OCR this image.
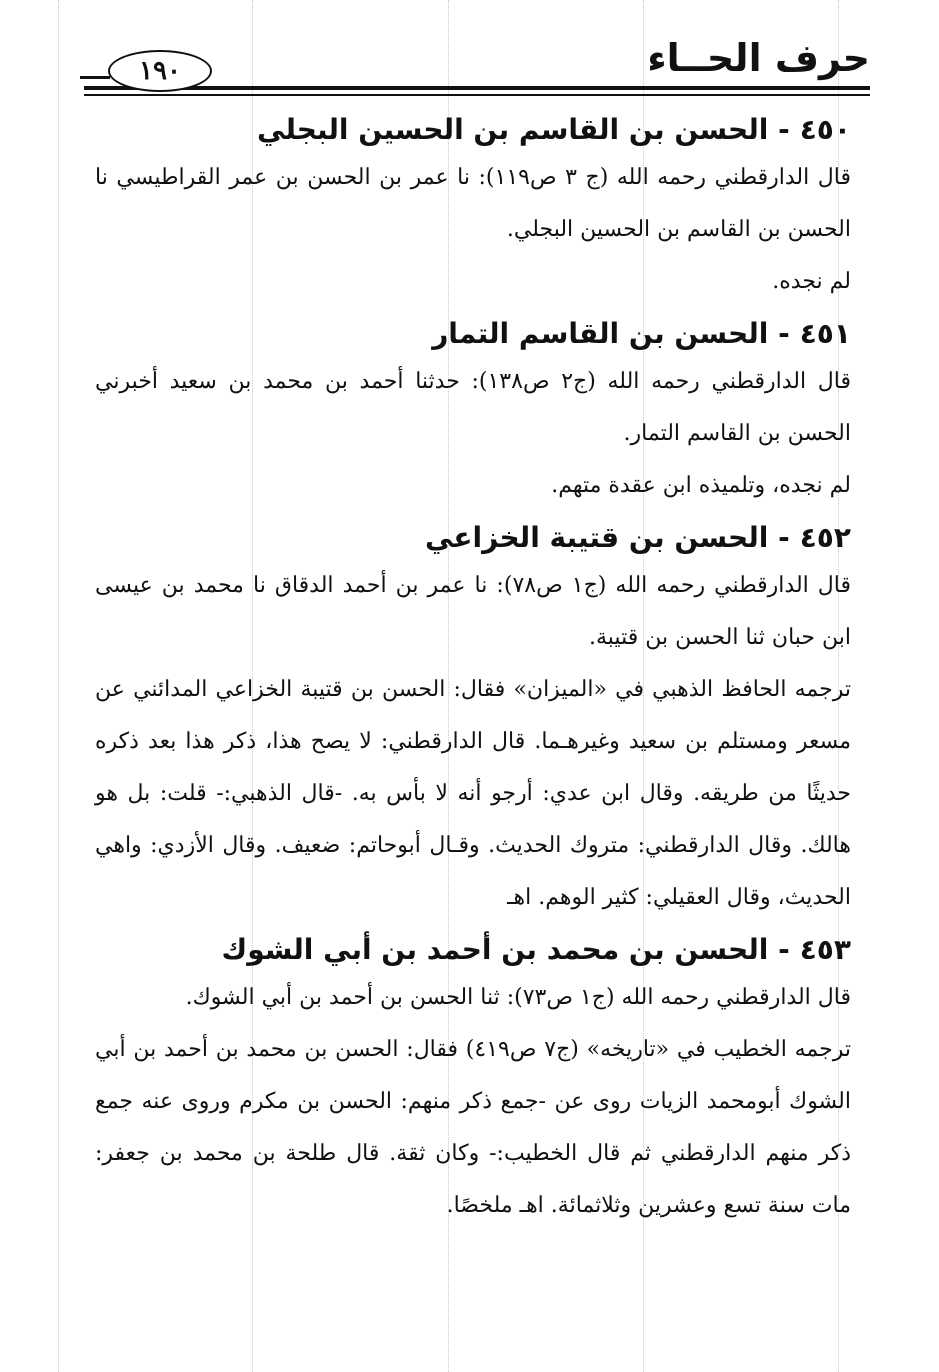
حرف الحــاء
١٩٠
٤٥٠- الحسن بن القاسم بن الحسين البجلي

قال الدارقطني رحمه الله (ج ٣ ص١١٩): نا عمر بن الحسن بن عمر القراطيسي نا الحسن بن القاسم بن الحسين البجلي.

لم نجده.

٤٥١- الحسن بن القاسم التمار

قال الدارقطني رحمه الله (ج٢ ص١٣٨): حدثنا أحمد بن محمد بن سعيد أخبرني الحسن بن القاسم التمار.

لم نجده، وتلميذه ابن عقدة متهم.

٤٥٢- الحسن بن قتيبة الخزاعي

قال الدارقطني رحمه الله (ج١ ص٧٨): نا عمر بن أحمد الدقاق نا محمد بن عيسى ابن حبان ثنا الحسن بن قتيبة.

ترجمه الحافظ الذهبي في «الميزان» فقال: الحسن بن قتيبة الخزاعي المدائني عن مسعر ومستلم بن سعيد وغيرهـما. قال الدارقطني: لا يصح هذا، ذكر هذا بعد ذكره حديثًا من طريقه. وقال ابن عدي: أرجو أنه لا بأس به. -قال الذهبي:- قلت: بل هو هالك. وقال الدارقطني: متروك الحديث. وقـال أبوحاتم: ضعيف. وقال الأزدي: واهي الحديث، وقال العقيلي: كثير الوهم. اهـ

٤٥٣- الحسن بن محمد بن أحمد بن أبي الشوك

قال الدارقطني رحمه الله (ج١ ص٧٣): ثنا الحسن بن أحمد بن أبي الشوك.

ترجمه الخطيب في «تاريخه» (ج٧ ص٤١٩) فقال: الحسن بن محمد بن أحمد بن أبي الشوك أبومحمد الزيات روى عن -جمع ذكر منهم: الحسن بن مكرم وروى عنه جمع ذكر منهم الدارقطني ثم قال الخطيب:- وكان ثقة. قال طلحة بن محمد بن جعفر: مات سنة تسع وعشرين وثلاثمائة. اهـ ملخصًا.
